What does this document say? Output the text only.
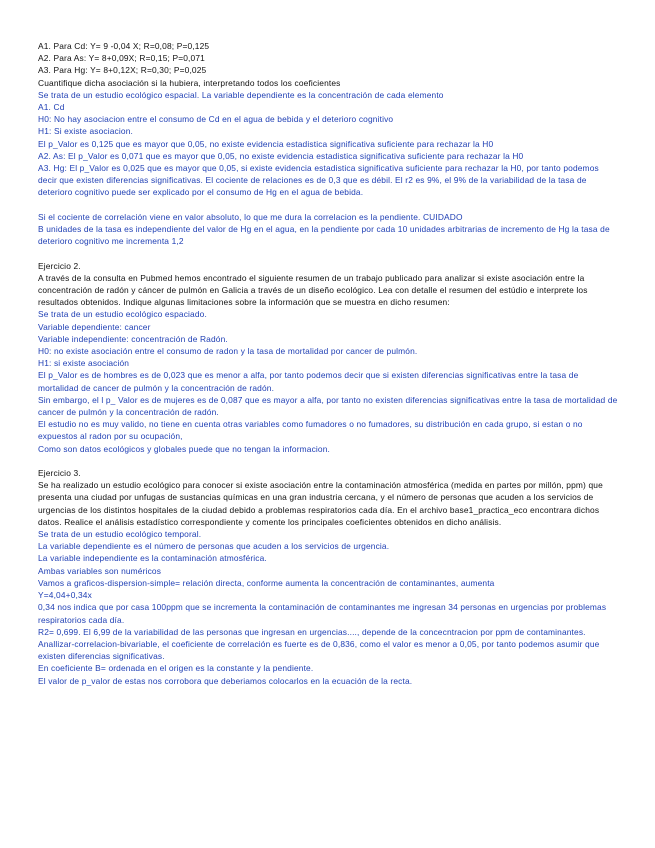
A1. Para Cd: Y= 9 -0,04 X; R=0,08; P=0,125
A2. Para As: Y= 8+0,09X; R=0,15; P=0,071
A3. Para Hg: Y= 8+0,12X; R=0,30; P=0,025
Cuantifique dicha asociación si la hubiera, interpretando todos los coeficientes
Se trata de un estudio ecológico espacial. La variable dependiente es la concentración de cada elemento
A1. Cd
H0: No hay asociacion entre el consumo de Cd en el agua de bebida y el deterioro cognitivo
H1: Si existe asociacion.
El p_Valor es 0,125 que es mayor que 0,05, no existe evidencia estadistica significativa suficiente para rechazar la H0
A2. As: El p_Valor es 0,071 que es mayor que 0,05, no existe evidencia estadistica significativa suficiente para rechazar la H0
A3. Hg: El p_Valor es 0,025 que es mayor que 0,05, si existe evidencia estadistica significativa suficiente para rechazar la H0, por tanto podemos decir que existen diferencias significativas. El cociente de relaciones es de 0,3 que es débil. El r2 es 9%, el 9% de la variabilidad de la tasa de deterioro cognitivo puede ser explicado por el consumo de Hg en el agua de bebida.
Si el cociente de correlación viene en valor absoluto, lo que me dura la correlacion es la pendiente. CUIDADO
B unidades de la tasa es independiente del valor de Hg en el agua, en la pendiente por cada 10 unidades arbitrarias de incremento de Hg la tasa de deterioro cognitivo me incrementa 1,2
Ejercicio 2.
A través de la consulta en Pubmed hemos encontrado el siguiente resumen de un trabajo publicado para analizar si existe asociación entre la concentración de radón y cáncer de pulmón en Galicia a través de un diseño ecológico. Lea con detalle el resumen del estúdio e interprete los resultados obtenidos. Indique algunas limitaciones sobre la información que se muestra en dicho resumen:
Se trata de un estudio ecológico espaciado.
Variable dependiente: cancer
Variable independiente: concentración de Radón.
H0: no existe asociación entre el consumo de radon y la tasa de mortalidad por cancer de pulmón.
H1: si existe asociación
El p_Valor es de hombres es de 0,023 que es menor a alfa, por tanto podemos decir que si existen diferencias significativas entre la tasa de mortalidad de cancer de pulmón y la concentración de radón.
Sin embargo, el l p_ Valor es de mujeres es de 0,087 que es mayor a alfa, por tanto no existen diferencias significativas entre la tasa de mortalidad de cancer de pulmón y la concentración de radón.
El estudio no es muy valido, no tiene en cuenta otras variables como fumadores o no fumadores, su distribución en cada grupo, si estan o no expuestos al radon por su ocupación,
Como son datos ecológicos y globales puede que no tengan la informacion.
Ejercicio 3.
Se ha realizado un estudio ecológico para conocer si existe asociación entre la contaminación atmosférica (medida en partes por millón, ppm) que presenta una ciudad por unfugas de sustancias químicas en una gran industria cercana, y el número de personas que acuden a los servicios de urgencias de los distintos hospitales de la ciudad debido a problemas respiratorios cada día. En el archivo base1_practica_eco encontrara dichos datos. Realice el análisis estadístico correspondiente y comente los principales coeficientes obtenidos en dicho análisis.
Se trata de un estudio ecológico temporal.
La variable dependiente es el número de personas que acuden a los servicios de urgencia.
La variable independiente es la contaminación atmosférica.
Ambas variables son numéricos
Vamos a graficos-dispersion-simple= relación directa, conforme aumenta la concentración de contaminantes, aumenta
Y=4,04+0,34x
0,34 nos indica que por casa 100ppm que se incrementa la contaminación de contaminantes me ingresan 34 personas en urgencias por problemas respiratorios cada día.
R2= 0,699. El 6,99 de la variabilidad de las personas que ingresan en urgencias...., depende de la concecntracion por ppm de contaminantes.
Anallizar-correlacion-bivariable, el coeficiente de correlación es fuerte es de 0,836, como el valor es menor a 0,05, por tanto podemos asumir que existen diferencias significativas.
En coeficiente B= ordenada en el origen es la constante y la pendiente.
El valor de p_valor de estas nos corrobora que deberiamos colocarlos en la ecuación de la recta.
